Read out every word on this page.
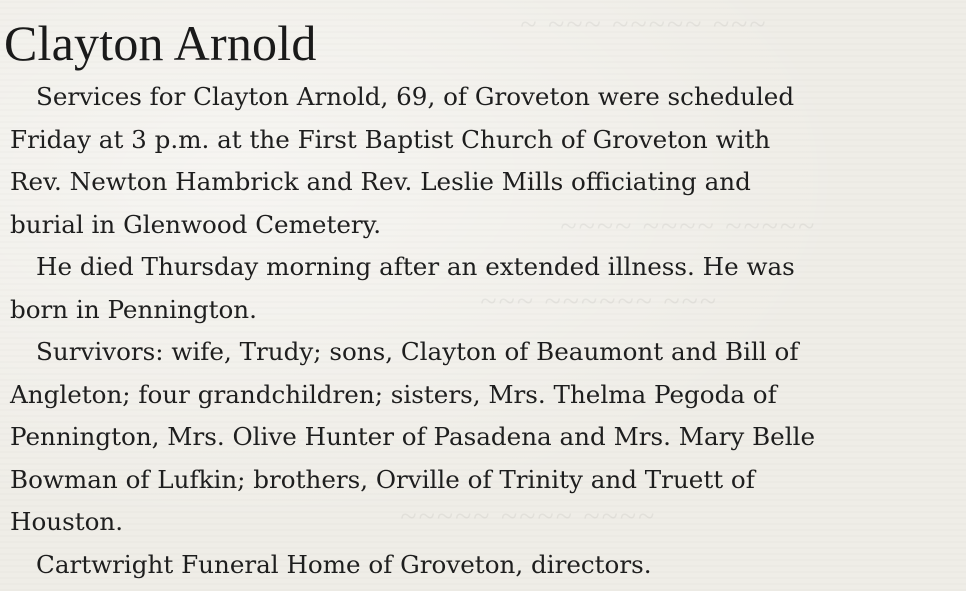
~ ~~~ ~~~~~ ~~~
~~~~ ~~~~ ~~~~~
~~~ ~~~~~~ ~~~
~~~~~ ~~~~ ~~~~
Clayton Arnold

Services for Clayton Arnold, 69, of Groveton were scheduled
Friday at 3 p.m. at the First Baptist Church of Groveton with
Rev. Newton Hambrick and Rev. Leslie Mills officiating and
burial in Glenwood Cemetery.

He died Thursday morning after an extended illness. He was
born in Pennington.

Survivors: wife, Trudy; sons, Clayton of Beaumont and Bill of
Angleton; four grandchildren; sisters, Mrs. Thelma Pegoda of
Pennington, Mrs. Olive Hunter of Pasadena and Mrs. Mary Belle
Bowman of Lufkin; brothers, Orville of Trinity and Truett of
Houston.

Cartwright Funeral Home of Groveton, directors.
